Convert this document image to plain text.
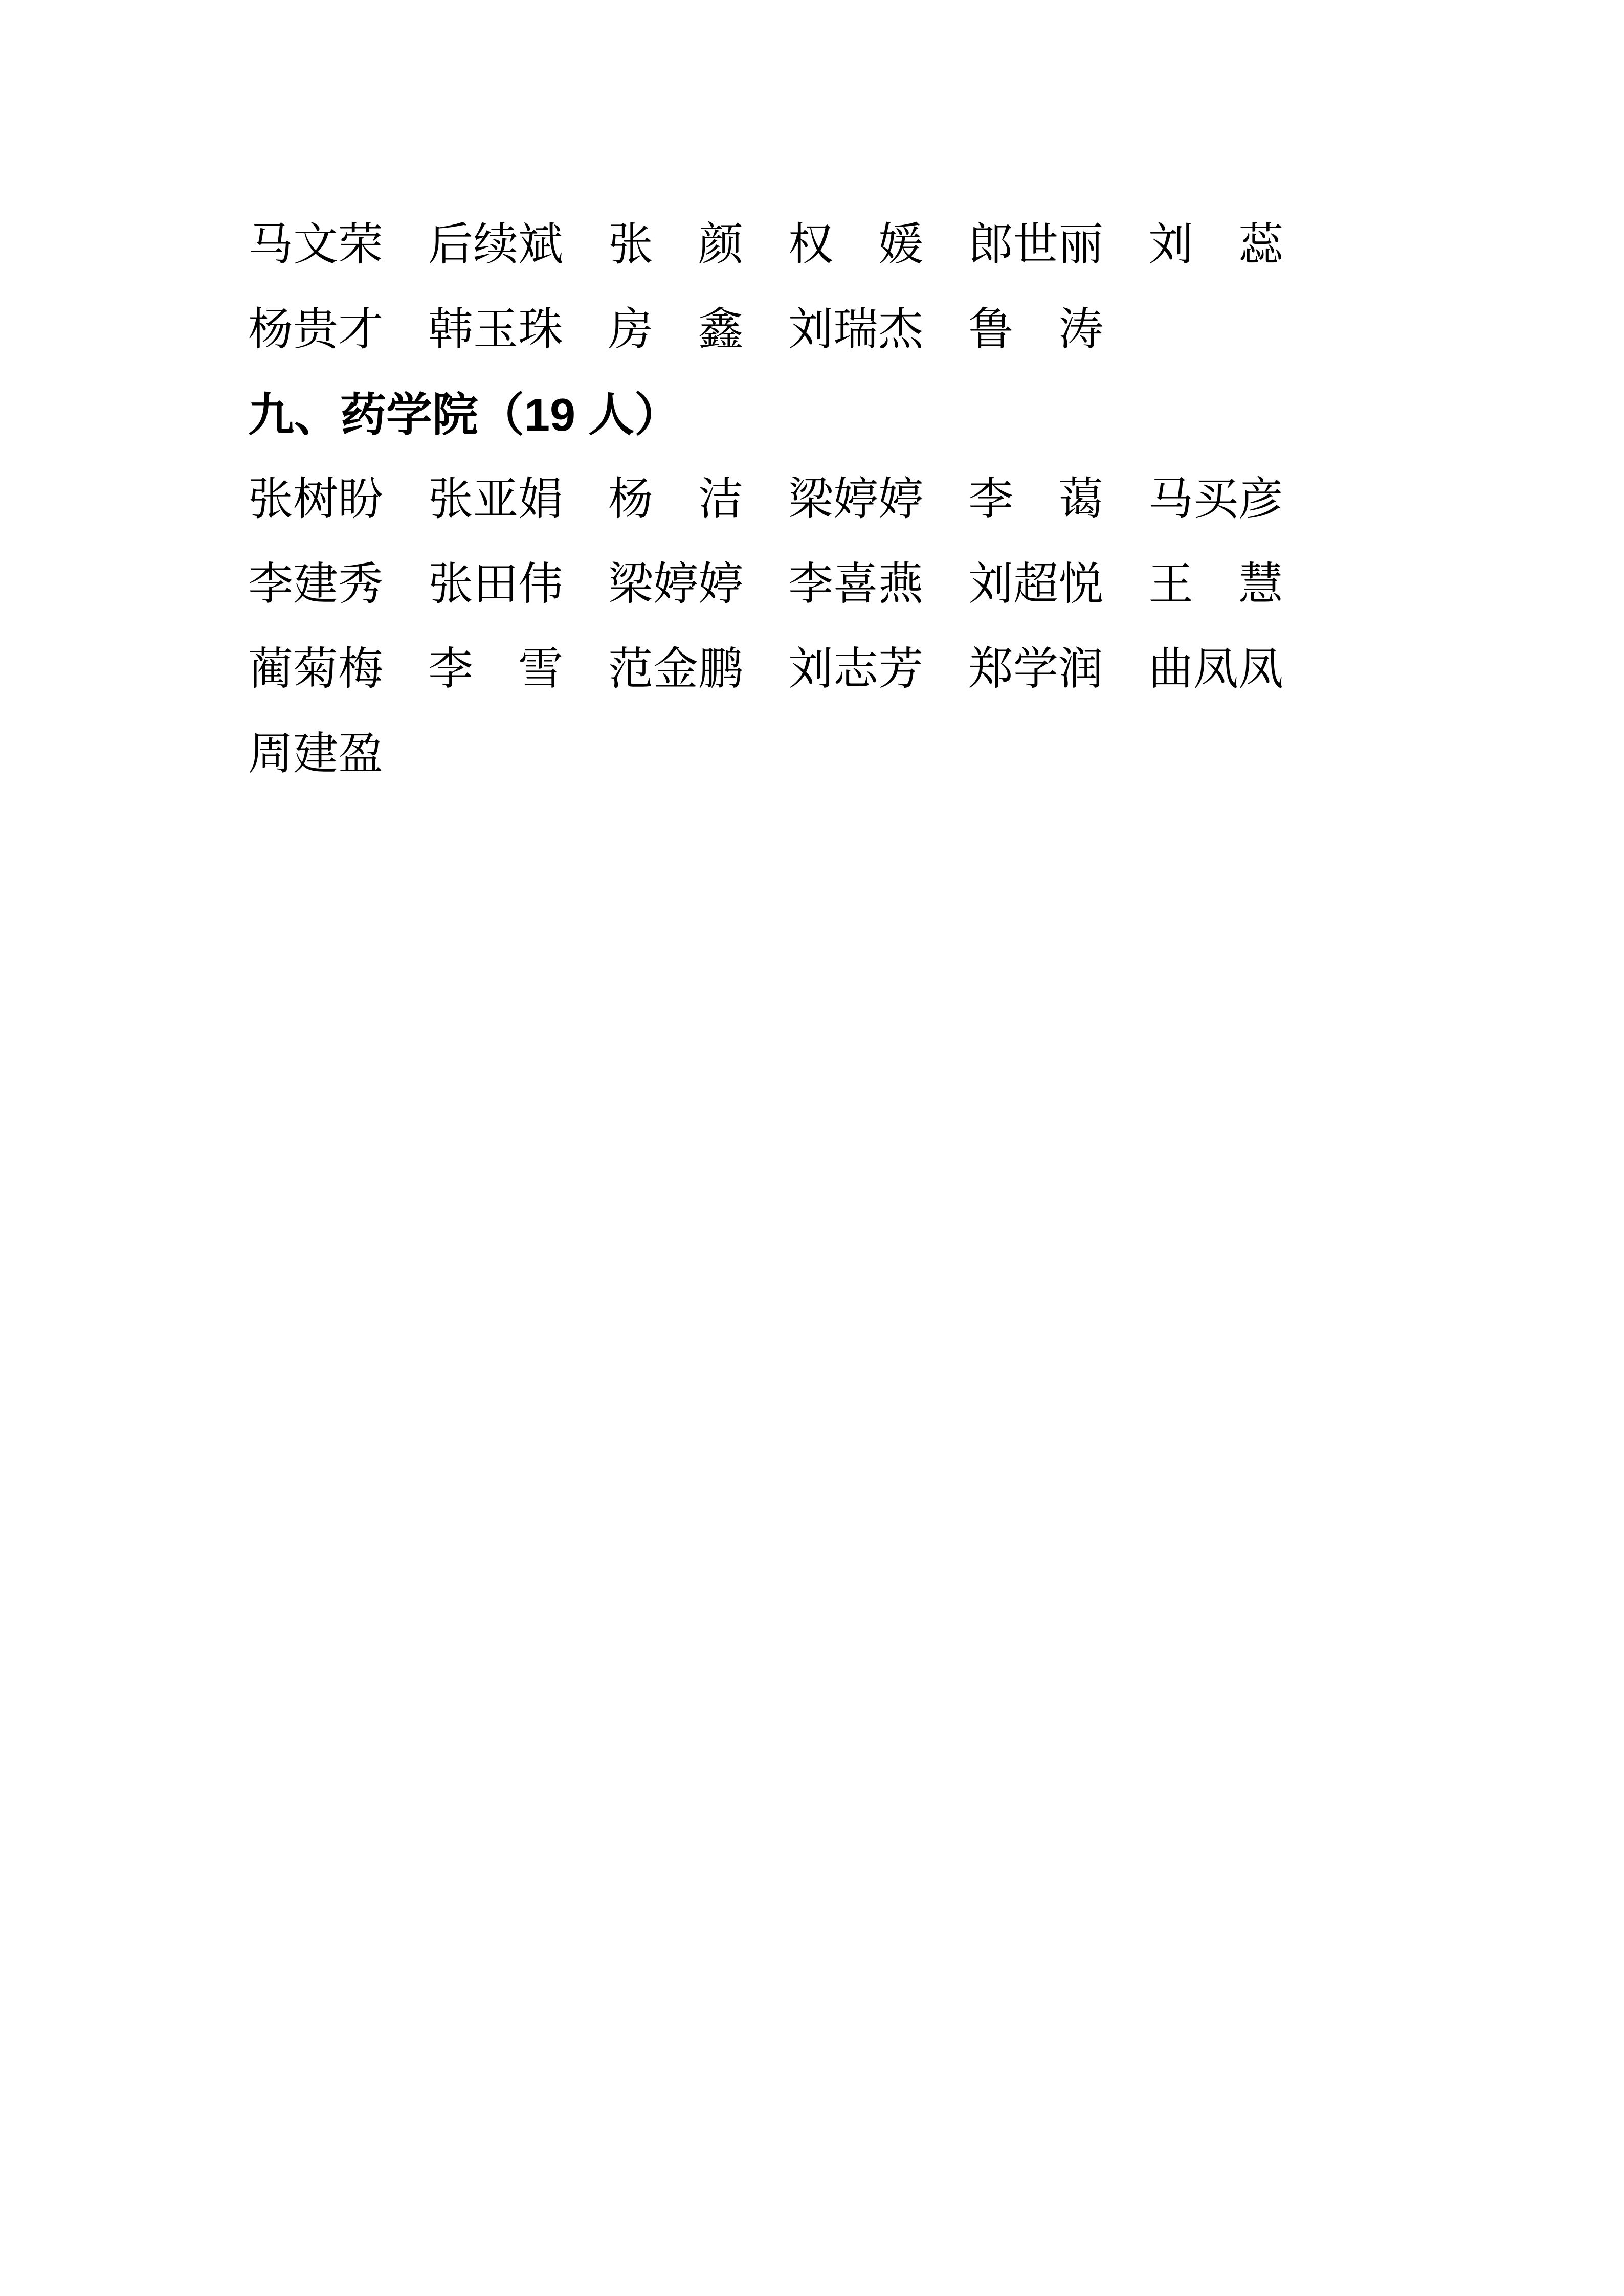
马文荣　后续斌　张　颜　权　媛　郎世丽　刘　蕊

杨贵才　韩玉珠　房　鑫　刘瑞杰　鲁　涛

九、药学院（19 人）

张树盼　张亚娟　杨　洁　梁婷婷　李　蔼　马买彦

李建秀　张田伟　梁婷婷　李喜燕　刘超悦　王　慧

蔺菊梅　李　雪　范金鹏　刘志芳　郑学润　曲凤凤

周建盈
